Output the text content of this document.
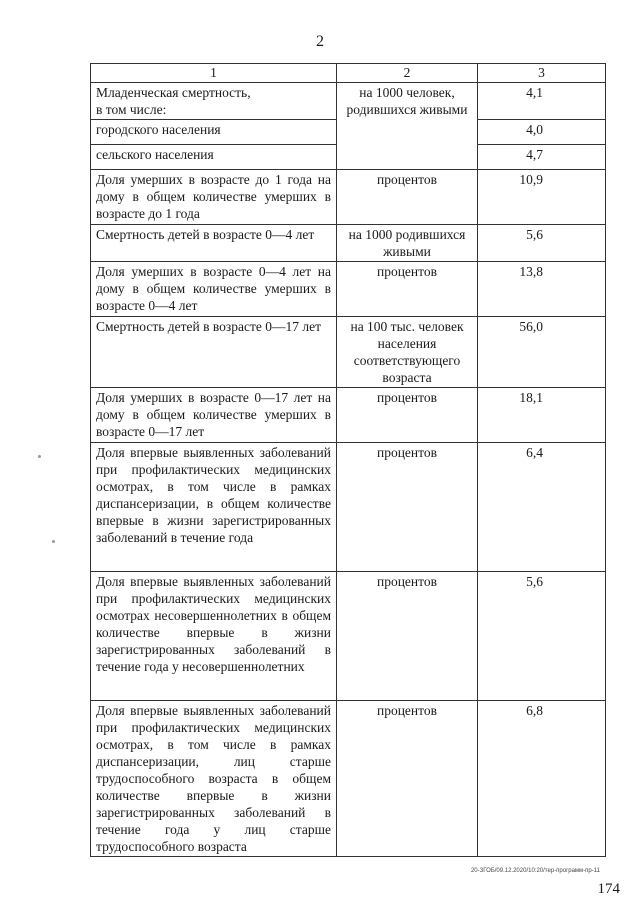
2
1	2	3
Младенческая смертность,
в том числе:	на 1000 человек, родившихся живыми	4,1
городского населения		4,0
сельского населения		4,7
Доля умерших в возрасте до 1 года на дому в общем количестве умерших в возрасте до 1 года	процентов	10,9
Смертность детей в возрасте 0—4 лет	на 1000 родившихся живыми	5,6
Доля умерших в возрасте 0—4 лет на дому в общем количестве умерших в возрасте 0—4 лет	процентов	13,8
Смертность детей в возрасте 0—17 лет	на 100 тыс. человек населения соответствующего возраста	56,0
Доля умерших в возрасте 0—17 лет на дому в общем количестве умерших в возрасте 0—17 лет	процентов	18,1
Доля впервые выявленных заболеваний при профилактических медицинских осмотрах, в том числе в рамках диспансеризации, в общем количестве впервые в жизни зарегистрированных заболеваний в течение года	процентов	6,4
Доля впервые выявленных заболеваний при профилактических медицинских осмотрах несовершеннолетних в общем количестве впервые в жизни зарегистрированных заболеваний в течение года у несовершеннолетних	процентов	5,6
Доля впервые выявленных заболеваний при профилактических медицинских осмотрах, в том числе в рамках диспансеризации, лиц старше трудоспособного возраста в общем количестве впервые в жизни зарегистрированных заболеваний в течение года у лиц старше трудоспособного возраста	процентов	6,8
20-ЗГОБ/09.12.2020/10:20/тер-программ-пр-11
174
